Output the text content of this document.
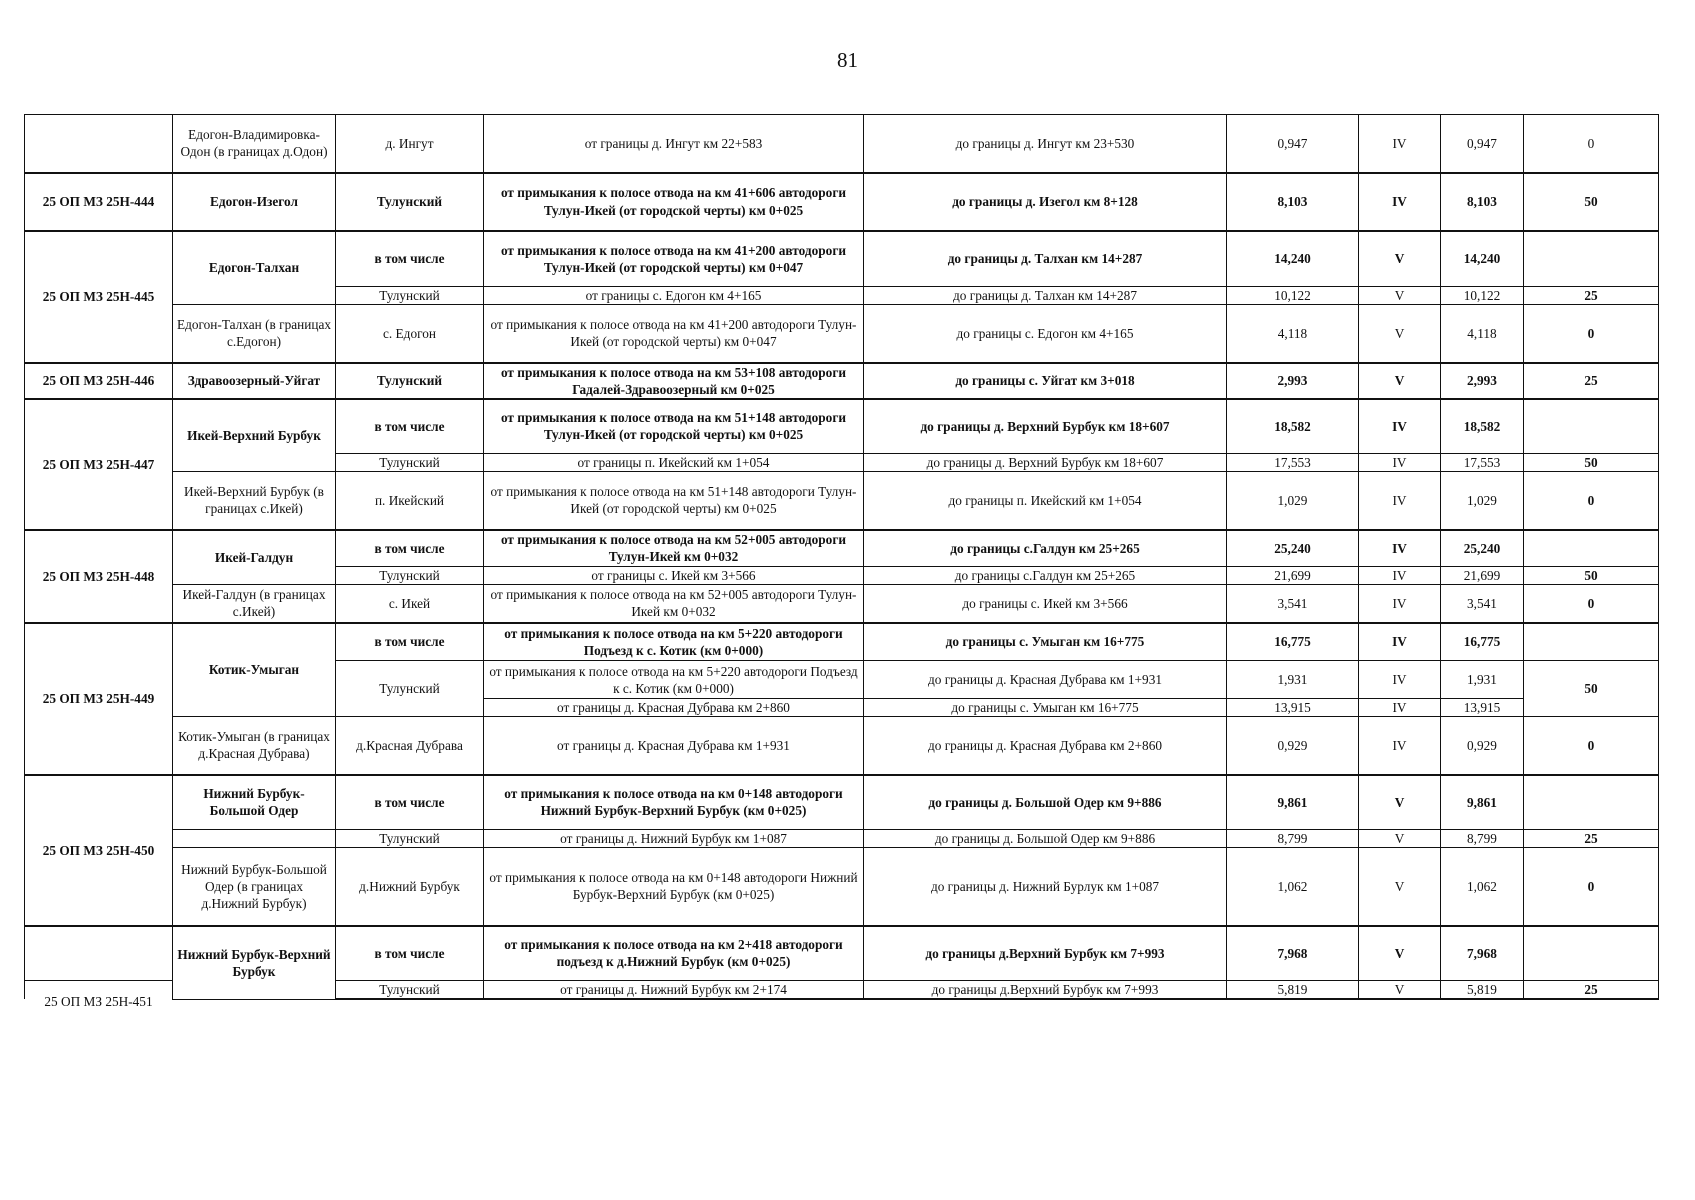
81
	Едогон-Владимировка-Одон (в границах д.Одон)	д. Ингут	от границы д. Ингут км 22+583	до границы д. Ингут км 23+530	0,947	IV	0,947	0
25 ОП МЗ 25Н-444	Едогон-Изегол	Тулунский	от примыкания к полосе отвода на км 41+606 автодороги Тулун-Икей (от городской черты) км 0+025	до границы д. Изегол км 8+128	8,103	IV	8,103	50
25 ОП МЗ 25Н-445	Едогон-Талхан	в том числе	от примыкания к полосе отвода на км 41+200 автодороги Тулун-Икей (от городской черты) км 0+047	до границы д. Талхан км 14+287	14,240	V	14,240	
		Тулунский	от границы с. Едогон км 4+165	до границы д. Талхан км 14+287	10,122	V	10,122	25
	Едогон-Талхан (в границах с.Едогон)	с. Едогон	от примыкания к полосе отвода на км 41+200 автодороги Тулун-Икей (от городской черты) км 0+047	до границы с. Едогон км 4+165	4,118	V	4,118	0
25 ОП МЗ 25Н-446	Здравоозерный-Уйгат	Тулунский	от примыкания к полосе отвода на км 53+108 автодороги Гадалей-Здравоозерный км 0+025	до границы с. Уйгат км 3+018	2,993	V	2,993	25
25 ОП МЗ 25Н-447	Икей-Верхний Бурбук	в том числе	от примыкания к полосе отвода на км 51+148 автодороги Тулун-Икей (от городской черты) км 0+025	до границы д. Верхний Бурбук км 18+607	18,582	IV	18,582	
		Тулунский	от границы п. Икейский км 1+054	до границы д. Верхний Бурбук км 18+607	17,553	IV	17,553	50
	Икей-Верхний Бурбук (в границах с.Икей)	п. Икейский	от примыкания к полосе отвода на км 51+148 автодороги Тулун-Икей (от городской черты) км 0+025	до границы п. Икейский км 1+054	1,029	IV	1,029	0
25 ОП МЗ 25Н-448	Икей-Галдун	в том числе	от примыкания к полосе отвода на км 52+005 автодороги Тулун-Икей км 0+032	до границы с.Галдун км 25+265	25,240	IV	25,240	
		Тулунский	от границы с. Икей км 3+566	до границы с.Галдун км 25+265	21,699	IV	21,699	50
	Икей-Галдун (в границах с.Икей)	с. Икей	от примыкания к полосе отвода на км 52+005 автодороги Тулун-Икей км 0+032	до границы с. Икей км 3+566	3,541	IV	3,541	0
25 ОП МЗ 25Н-449	Котик-Умыган	в том числе	от примыкания к полосе отвода на км 5+220 автодороги Подъезд к с. Котик (км 0+000)	до границы с. Умыган км 16+775	16,775	IV	16,775	
		Тулунский	от примыкания к полосе отвода на км 5+220 автодороги Подъезд к с. Котик (км 0+000)	до границы д. Красная Дубрава км 1+931	1,931	IV	1,931	50
			от границы д. Красная Дубрава км 2+860	до границы с. Умыган км 16+775	13,915	IV	13,915	
	Котик-Умыган (в границах д.Красная Дубрава)	д.Красная Дубрава	от границы д. Красная Дубрава км 1+931	до границы д. Красная Дубрава км 2+860	0,929	IV	0,929	0
25 ОП МЗ 25Н-450	Нижний Бурбук-Большой Одер	в том числе	от примыкания к полосе отвода на км 0+148 автодороги Нижний Бурбук-Верхний Бурбук (км 0+025)	до границы д. Большой Одер км 9+886	9,861	V	9,861	
		Тулунский	от границы д. Нижний Бурбук км 1+087	до границы д. Большой Одер км 9+886	8,799	V	8,799	25
	Нижний Бурбук-Большой Одер (в границах д.Нижний Бурбук)	д.Нижний Бурбук	от примыкания к полосе отвода на км 0+148 автодороги Нижний Бурбук-Верхний Бурбук (км 0+025)	до границы д. Нижний Бурлук км 1+087	1,062	V	1,062	0
	Нижний Бурбук-Верхний Бурбук	в том числе	от примыкания к полосе отвода на км 2+418 автодороги подъезд к д.Нижний Бурбук (км 0+025)	до границы д.Верхний Бурбук км 7+993	7,968	V	7,968	
25 ОП МЗ 25Н-451		Тулунский	от границы д. Нижний Бурбук км 2+174	до границы д.Верхний Бурбук км 7+993	5,819	V	5,819	25
